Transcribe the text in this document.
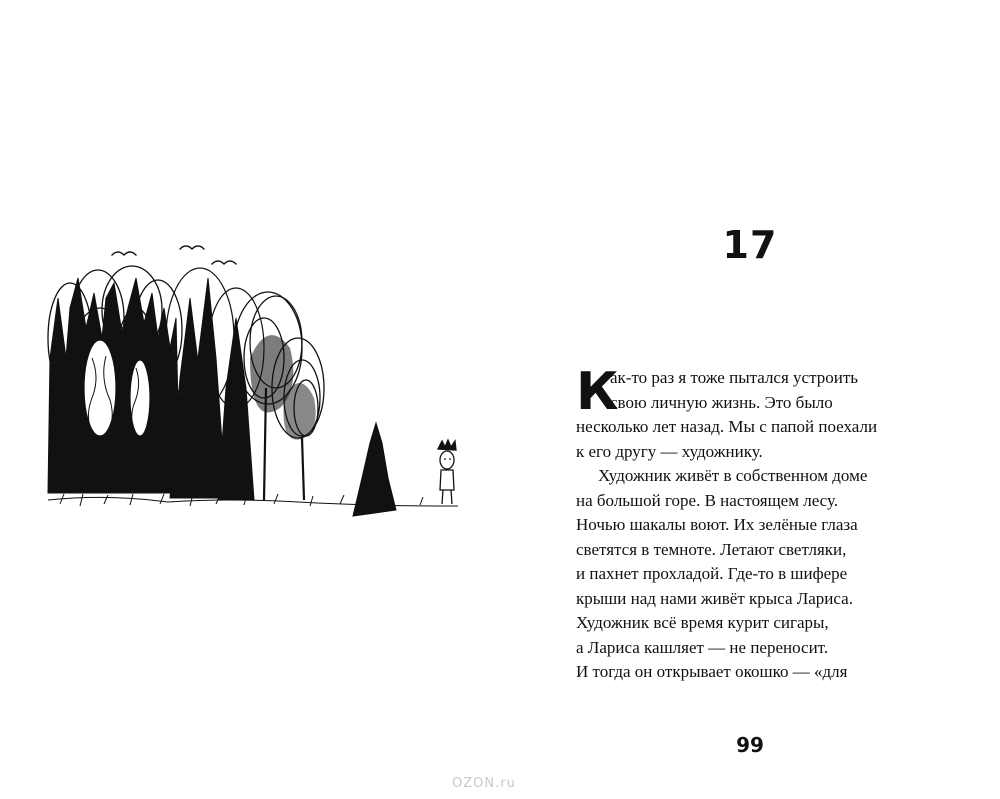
17
К
ак-то раз я тоже пытался устроить
свою личную жизнь. Это было
несколько лет назад. Мы с папой поехали
к его другу — художнику.
Художник живёт в собственном доме
на большой горе. В настоящем лесу.
Ночью шакалы воют. Их зелёные глаза
светятся в темноте. Летают светляки,
и пахнет прохладой. Где-то в шифере
крыши над нами живёт крыса Лариса.
Художник всё время курит сигары,
а Лариса кашляет — не переносит.
И тогда он открывает окошко — «для
99
OZON.ru
